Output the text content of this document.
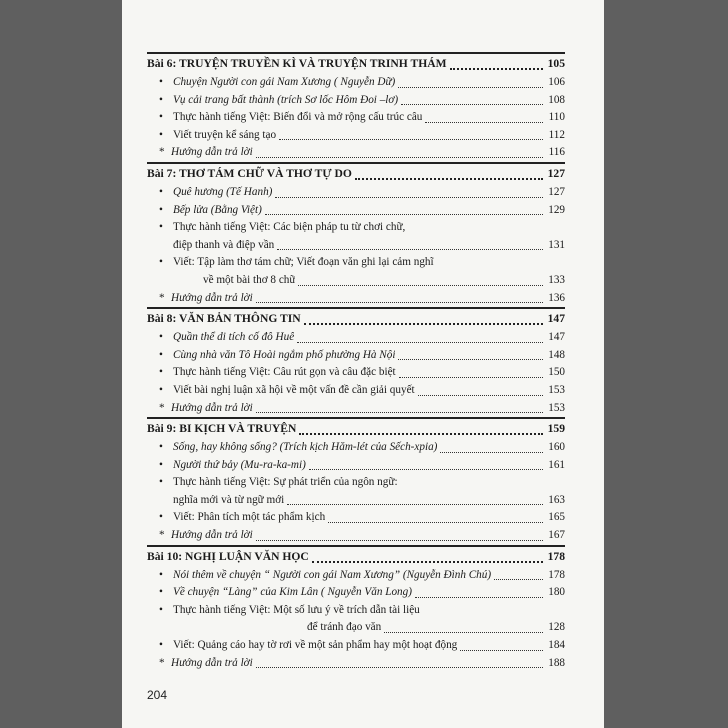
Bài 6: TRUYỆN TRUYỀN KÌ VÀ TRUYỆN TRINH THÁM	105
• Chuyện Người con gái Nam Xương ( Nguyễn Dữ)	106
• Vụ cải trang bất thành (trích Sơ lốc Hôm Đoi –lơ)	108
• Thực hành tiếng Việt: Biến đổi và mở rộng cấu trúc câu	110
• Viết truyện kể sáng tạo	112
* Hướng dẫn trả lời	116
Bài 7: THƠ TÁM CHỮ VÀ THƠ TỰ DO	127
• Quê hương (Tế Hanh)	127
• Bếp lửa (Bằng Việt)	129
• Thực hành tiếng Việt: Các biện pháp tu từ chơi chữ,
điệp thanh và điệp vần	131
• Viết: Tập làm thơ tám chữ; Viết đoạn văn ghi lại cảm nghĩ
về một bài thơ 8 chữ	133
* Hướng dẫn trả lời	136
Bài 8: VĂN BẢN THÔNG TIN	147
• Quần thể di tích cố đô Huế	147
• Cùng nhà văn Tô Hoài ngắm phố phường Hà Nội	148
• Thực hành tiếng Việt: Câu rút gọn và câu đặc biệt	150
• Viết bài nghị luận xã hội về một vấn đề cần giải quyết	153
* Hướng dẫn trả lời	153
Bài 9: BI KỊCH VÀ TRUYỆN	159
• Sống, hay không sống? (Trích kịch Hăm-lét của Sếch-xpia)	160
• Người thứ bảy (Mu-ra-ka-mi)	161
• Thực hành tiếng Việt: Sự phát triển của ngôn ngữ:
nghĩa mới và từ ngữ mới	163
• Viết: Phân tích một tác phẩm kịch	165
* Hướng dẫn trả lời	167
Bài 10: NGHỊ LUẬN VĂN HỌC	178
• Nói thêm về chuyện “ Người con gái Nam Xương” (Nguyễn Đình Chú)	178
• Về chuyện “Làng” của Kim Lân ( Nguyễn Văn Long)	180
• Thực hành tiếng Việt: Một số lưu ý về trích dẫn tài liệu
để tránh đạo văn	128
• Viết: Quảng cáo hay tờ rơi về một sản phẩm hay một hoạt động	184
* Hướng dẫn trả lời	188
204
